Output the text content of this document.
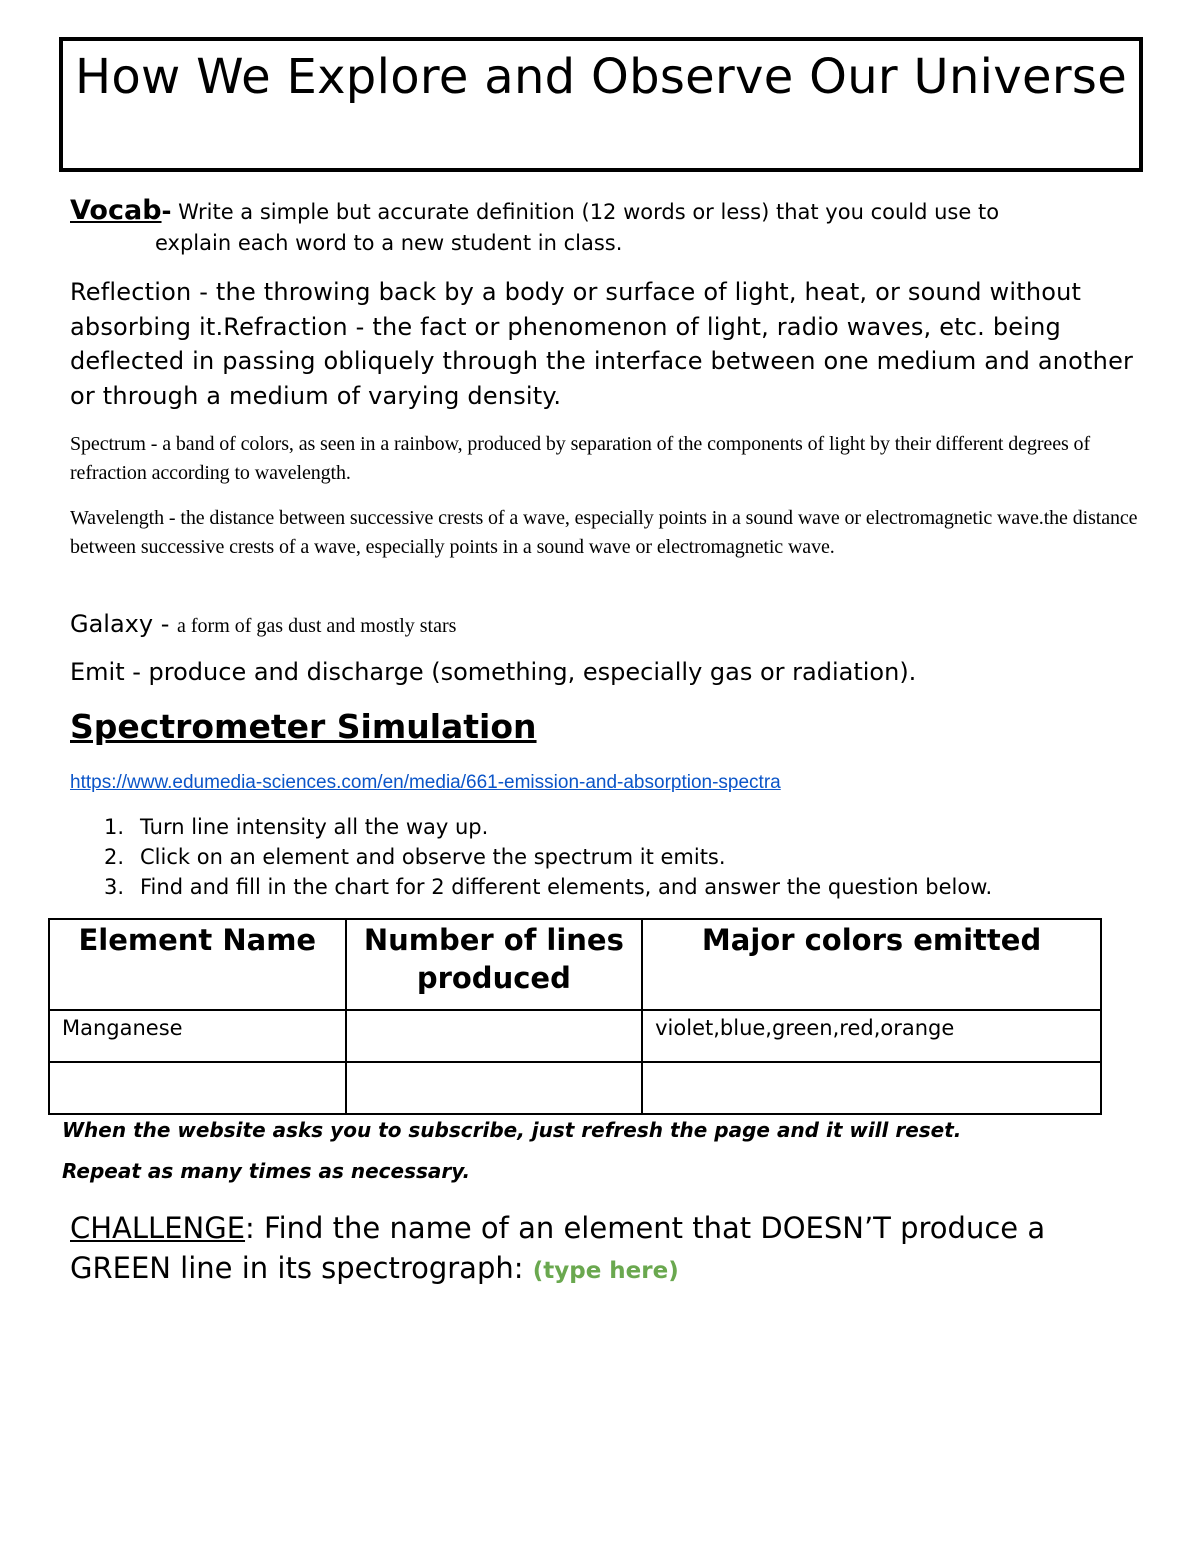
How We Explore and Observe Our Universe
Vocab- Write a simple but accurate definition (12 words or less) that you could use to
explain each word to a new student in class.
Reflection - the throwing back by a body or surface of light, heat, or sound without absorbing it.Refraction - the fact or phenomenon of light, radio waves, etc. being deflected in passing obliquely through the interface between one medium and another or through a medium of varying density.
Spectrum - a band of colors, as seen in a rainbow, produced by separation of the components of light by their different degrees of refraction according to wavelength.
Wavelength - the distance between successive crests of a wave, especially points in a sound wave or electromagnetic wave.the distance between successive crests of a wave, especially points in a sound wave or electromagnetic wave.
Galaxy - a form of gas dust and mostly stars
Emit - produce and discharge (something, especially gas or radiation).
Spectrometer Simulation
https://www.edumedia-sciences.com/en/media/661-emission-and-absorption-spectra
1. Turn line intensity all the way up.
2. Click on an element and observe the spectrum it emits.
3. Find and fill in the chart for 2 different elements, and answer the question below.
Element Name	Number of lines produced	Major colors emitted
Manganese		violet,blue,green,red,orange

When the website asks you to subscribe, just refresh the page and it will reset.
Repeat as many times as necessary.
CHALLENGE: Find the name of an element that DOESN’T produce a GREEN line in its spectrograph: (type here)
